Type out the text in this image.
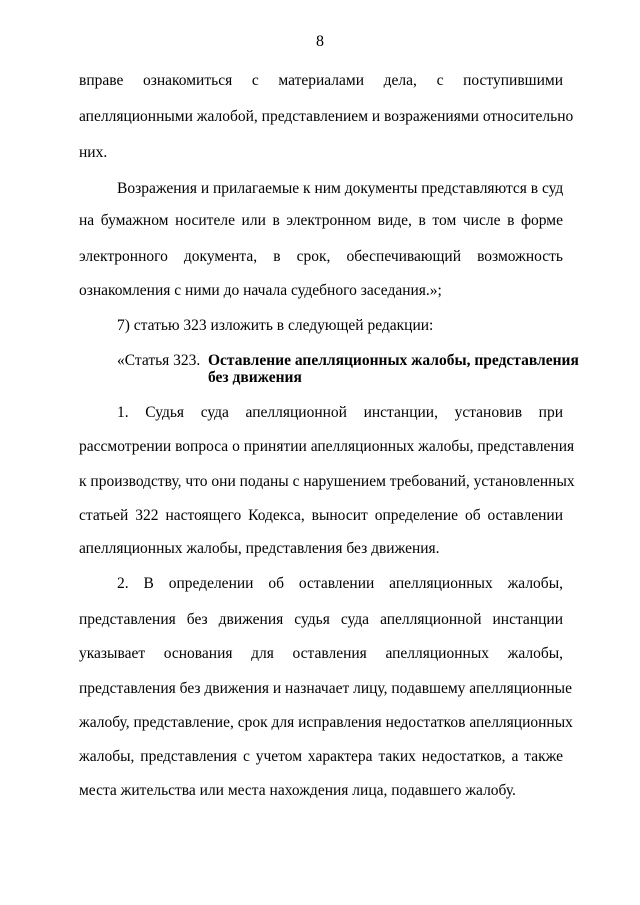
8
вправе ознакомиться с материалами дела, с поступившими
апелляционными жалобой, представлением и возражениями относительно
них.
Возражения и прилагаемые к ним документы представляются в суд
на бумажном носителе или в электронном виде, в том числе в форме
электронного документа, в срок, обеспечивающий возможность
ознакомления с ними до начала судебного заседания.»;
7) статью 323 изложить в следующей редакции:
«Статья 323. Оставление апелляционных жалобы, представления
без движения
1. Судья суда апелляционной инстанции, установив при
рассмотрении вопроса о принятии апелляционных жалобы, представления
к производству, что они поданы с нарушением требований, установленных
статьей 322 настоящего Кодекса, выносит определение об оставлении
апелляционных жалобы, представления без движения.
2. В определении об оставлении апелляционных жалобы,
представления без движения судья суда апелляционной инстанции
указывает основания для оставления апелляционных жалобы,
представления без движения и назначает лицу, подавшему апелляционные
жалобу, представление, срок для исправления недостатков апелляционных
жалобы, представления с учетом характера таких недостатков, а также
места жительства или места нахождения лица, подавшего жалобу.
